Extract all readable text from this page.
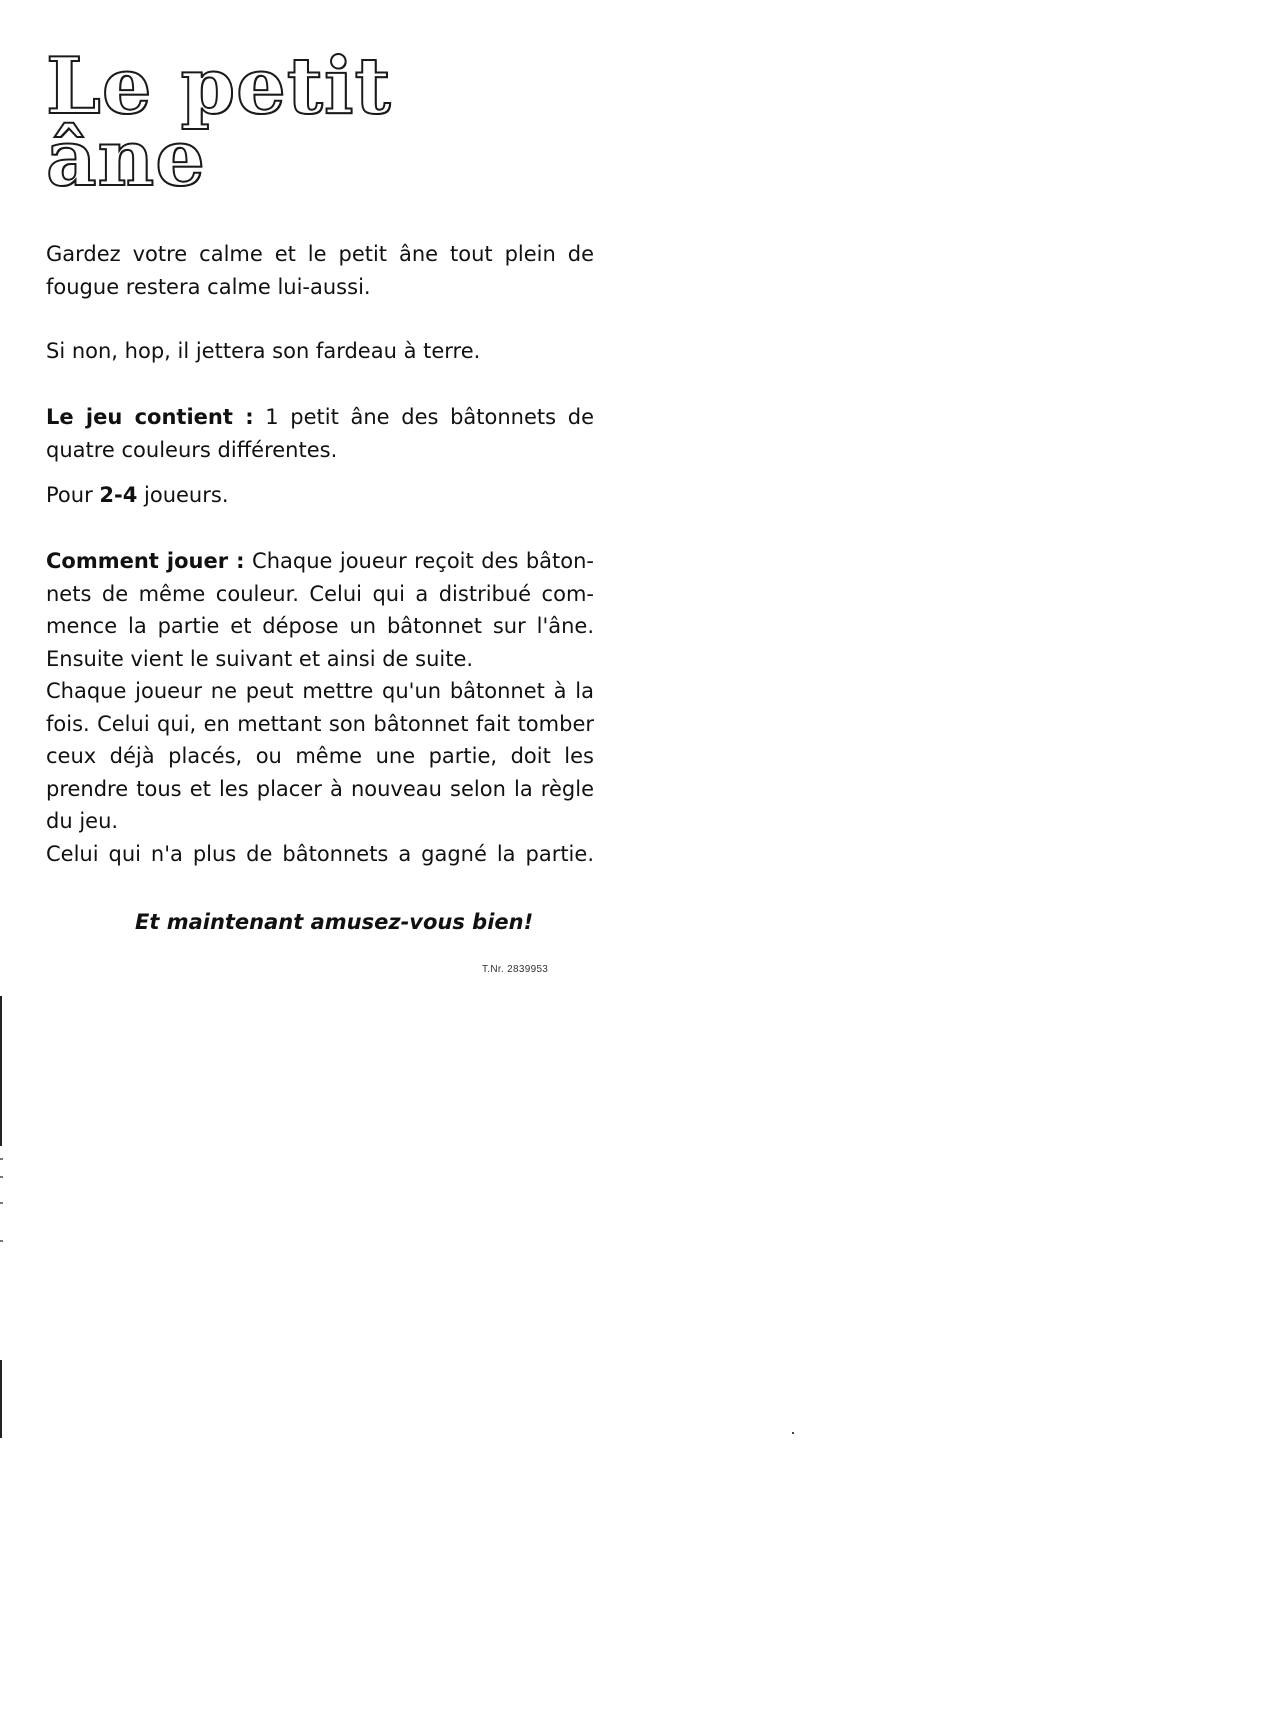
Le petit
âne

Gardez votre calme et le petit âne tout plein de
fougue restera calme lui-aussi.

Si non, hop, il jettera son fardeau à terre.

Le jeu contient : 1 petit âne des bâtonnets de
quatre couleurs différentes.

Pour 2-4 joueurs.

Comment jouer : Chaque joueur reçoit des bâton-
nets de même couleur. Celui qui a distribué com-
mence la partie et dépose un bâtonnet sur l'âne.
Ensuite vient le suivant et ainsi de suite.
Chaque joueur ne peut mettre qu'un bâtonnet à la
fois. Celui qui, en mettant son bâtonnet fait tomber
ceux déjà placés, ou même une partie, doit les
prendre tous et les placer à nouveau selon la règle
du jeu.
Celui qui n'a plus de bâtonnets a gagné la partie.

Et maintenant amusez-vous bien!

T.Nr. 2839953
